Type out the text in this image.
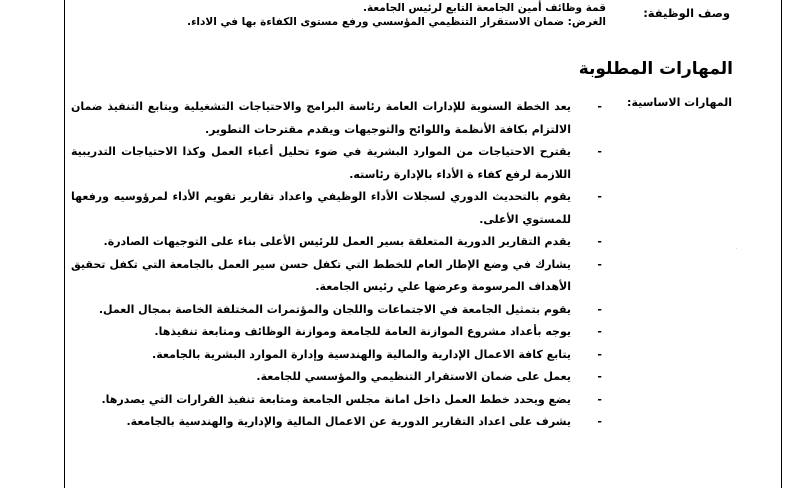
وصف الوظيفة:
قمة وظائف أمين الجامعة التابع لرئيس الجامعة.
الغرض: ضمان الاستقرار التنظيمي المؤسسي ورفع مستوى الكفاءة بها في الاداء.
المهارات المطلوبة
المهارات الاساسية:
-
يعد الخطة السنوية للإدارات العامة رئاسة البرامج والاحتياجات التشغيلية ويتابع التنفيذ ضمان الالتزام بكافة الأنظمة واللوائح والتوجيهات ويقدم مقترحات التطوير.
-
يقترح الاحتياجات من الموارد البشرية في ضوء تحليل أعباء العمل وكذا الاحتياجات التدريبية اللازمة لرفع كفاء ة الأداء بالإدارة رئاسته.
-
يقوم بالتحديث الدوري لسجلات الأداء الوظيفي واعداد تقارير تقويم الأداء لمرؤوسيه ورفعها للمستوي الأعلى.
-
يقدم التقارير الدورية المتعلقة بسير العمل للرئيس الأعلى بناء على التوجيهات الصادرة.
-
يشارك في وضع الإطار العام للخطط التي تكفل حسن سير العمل بالجامعة التي تكفل تحقيق الأهداف المرسومة وعرضها علي رئيس الجامعة.
-
يقوم بتمثيل الجامعة في الاجتماعات واللجان والمؤتمرات المختلفة الخاصة بمجال العمل.
-
يوجه بأعداد مشروع الموازنة العامة للجامعة وموازنة الوظائف ومتابعة تنفيذها.
-
يتابع كافة الاعمال الإدارية والمالية والهندسية وإدارة الموارد البشرية بالجامعة.
-
يعمل على ضمان الاستقرار التنظيمي والمؤسسي للجامعة.
-
يضع ويحدد خطط العمل داخل امانة مجلس الجامعة ومتابعة تنفيذ القرارات التي يصدرها.
-
يشرف على اعداد التقارير الدورية عن الاعمال المالية والإدارية والهندسية بالجامعة.
